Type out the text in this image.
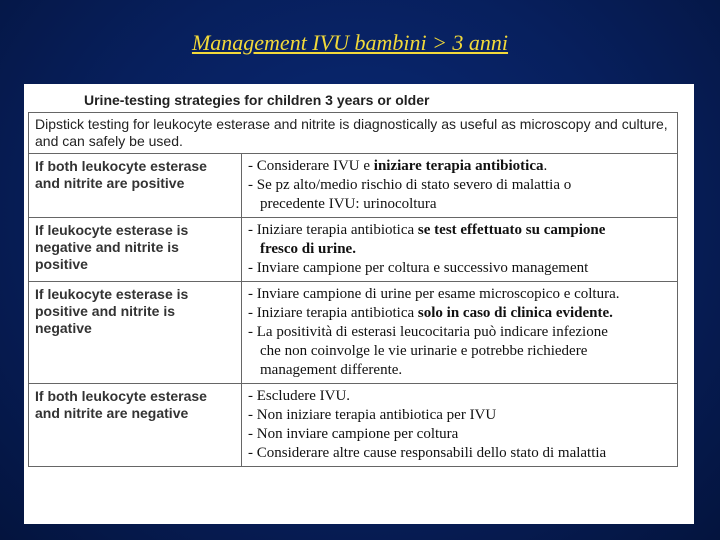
Management IVU bambini > 3 anni
Urine-testing strategies for children 3 years or older
Dipstick testing for leukocyte esterase and nitrite is diagnostically as useful as microscopy and culture, and can safely be used.	
If both leukocyte esterase and nitrite are positive	- Considerare IVU e iniziare terapia antibiotica.
- Se pz alto/medio rischio di stato severo di malattia o
precedente IVU: urinocoltura

If leukocyte esterase is negative and nitrite is positive	- Iniziare terapia antibiotica se test effettuato su campione
fresco di urine.
- Inviare campione per coltura e successivo management

If leukocyte esterase is positive and nitrite is negative	- Inviare campione di urine per esame microscopico e coltura.
- Iniziare terapia antibiotica solo in caso di clinica evidente.
- La positività di esterasi leucocitaria può indicare infezione
che non coinvolge le vie urinarie e potrebbe richiedere
management differente.

If both leukocyte esterase and nitrite are negative	- Escludere IVU.
- Non iniziare terapia antibiotica per IVU
- Non inviare campione per coltura
- Considerare altre cause responsabili dello stato di malattia
